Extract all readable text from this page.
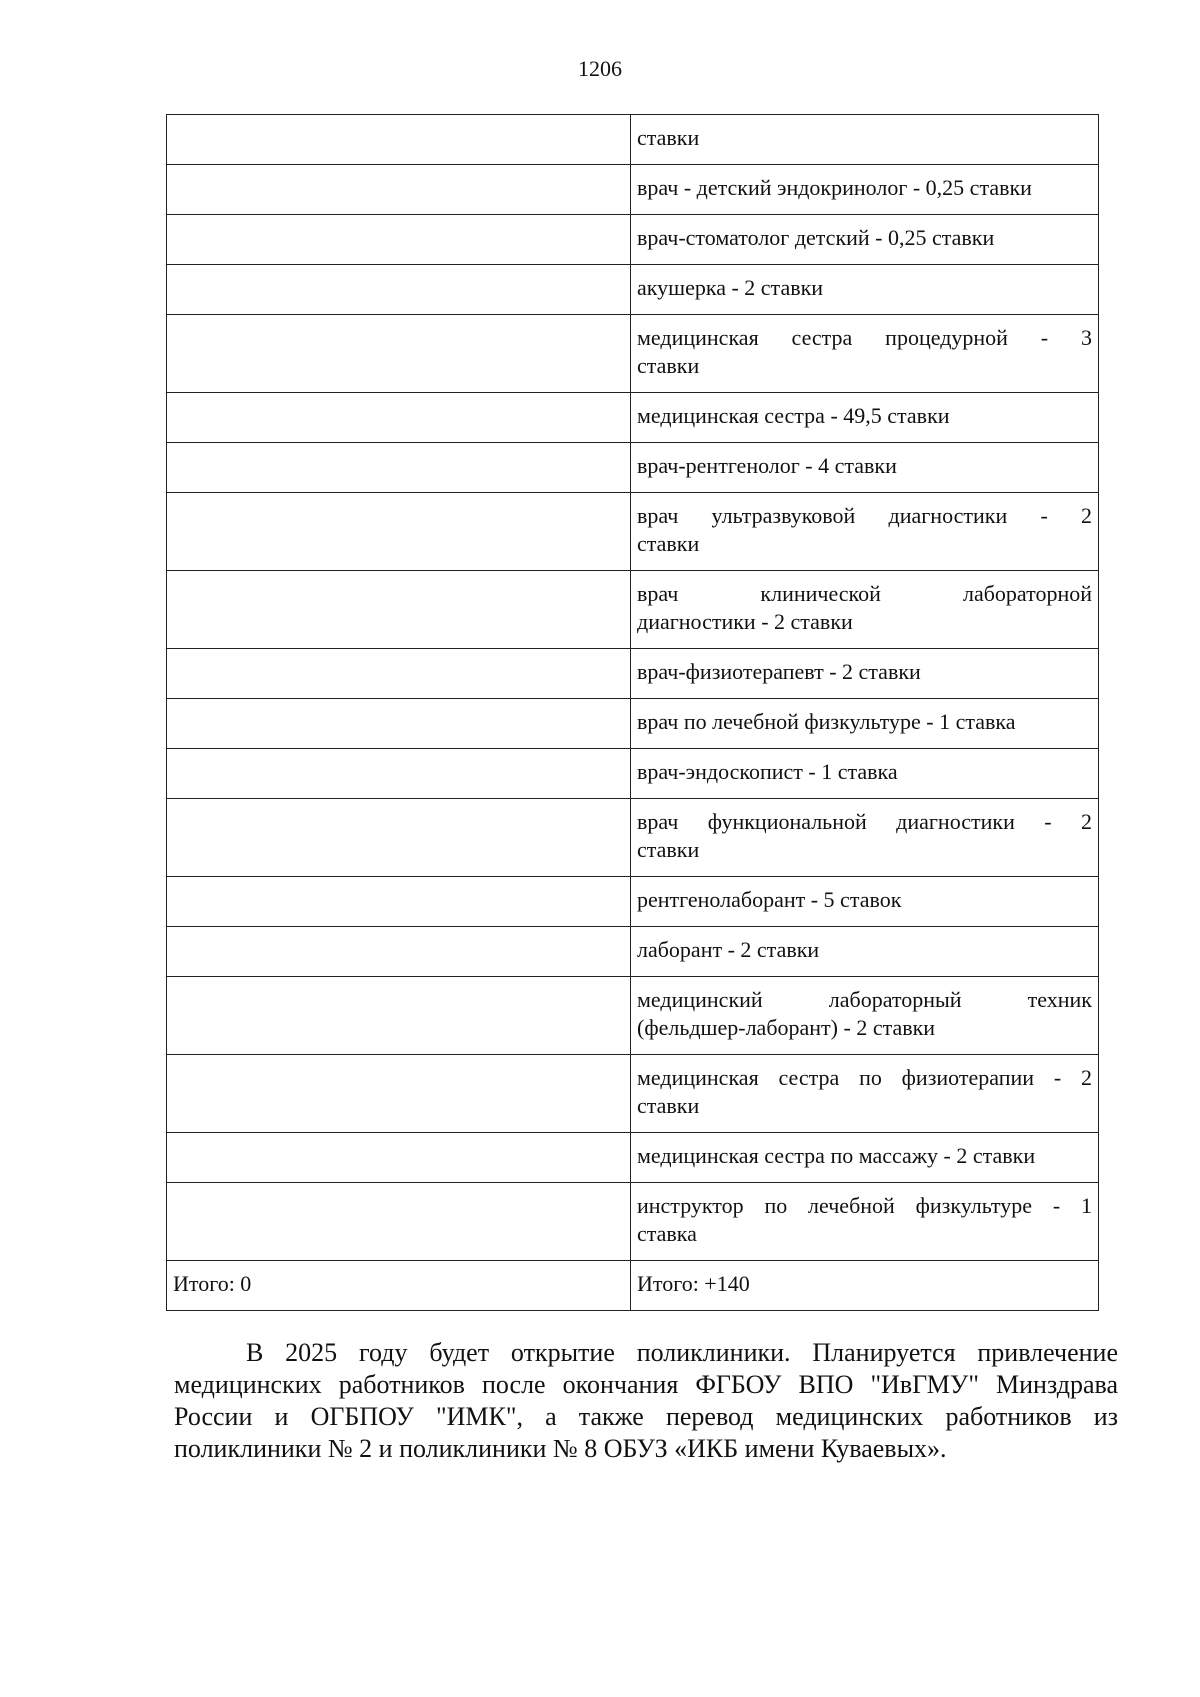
1206
	ставки
	врач - детский эндокринолог - 0,25 ставки
	врач-стоматолог детский - 0,25 ставки
	акушерка - 2 ставки

	медицинская сестра процедурной - 3
ставки

	медицинская сестра - 49,5 ставки
	врач-рентгенолог - 4 ставки

	врач ультразвуковой диагностики - 2
ставки

	врач клинической лабораторной
диагностики - 2 ставки

	врач-физиотерапевт - 2 ставки
	врач по лечебной физкультуре - 1 ставка
	врач-эндоскопист - 1 ставка

	врач функциональной диагностики - 2
ставки

	рентгенолаборант - 5 ставок
	лаборант - 2 ставки

	медицинский лабораторный техник
(фельдшер-лаборант) - 2 ставки

	медицинская сестра по физиотерапии - 2
ставки

	медицинская сестра по массажу - 2 ставки

	инструктор по лечебной физкультуре - 1
ставка

Итого: 0	Итого: +140
В 2025 году будет открытие поликлиники. Планируется привлечение медицинских работников после окончания ФГБОУ ВПО "ИвГМУ" Минздрава России и ОГБПОУ "ИМК", а также перевод медицинских работников из поликлиники № 2 и поликлиники № 8 ОБУЗ «ИКБ имени Куваевых».
